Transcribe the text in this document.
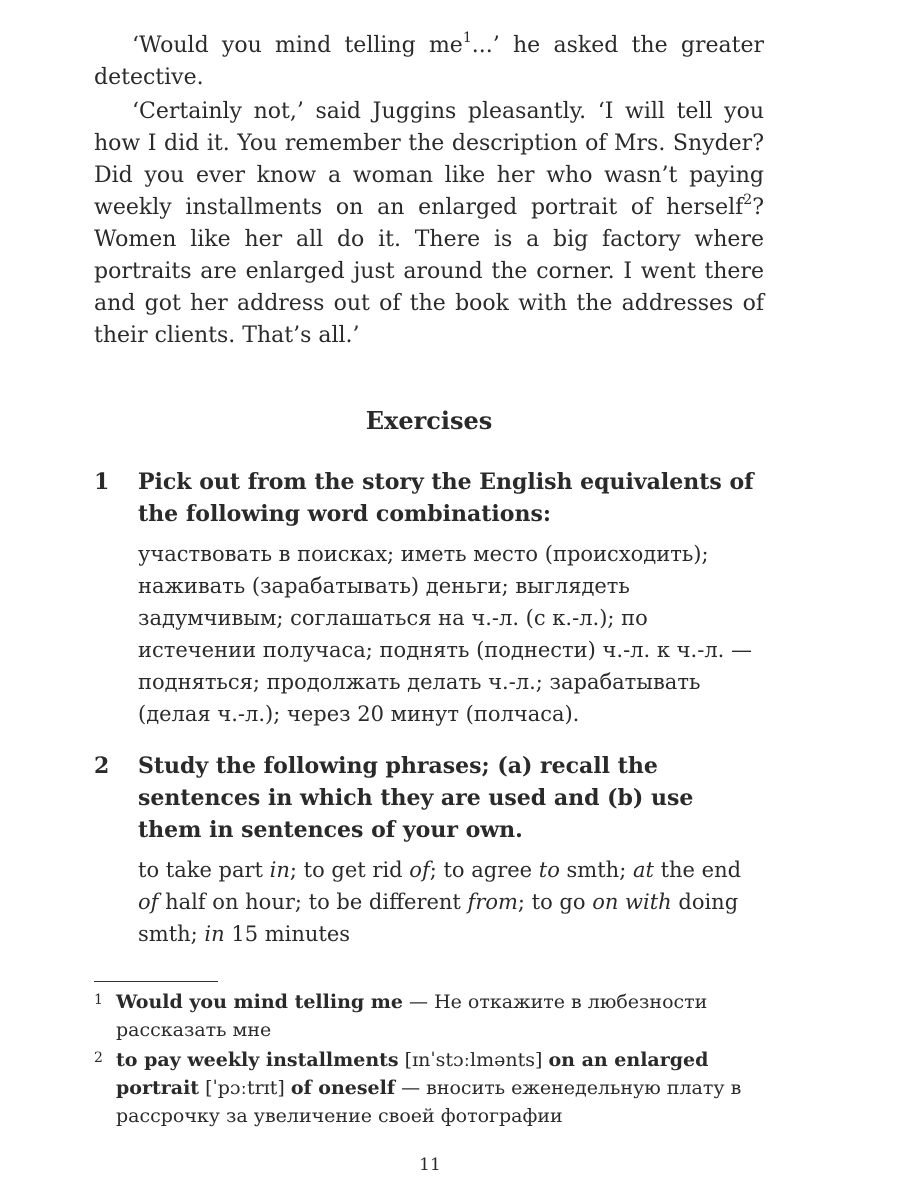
‘Would you mind telling $me^1$...’ he asked the greater detective.

‘Certainly not,’ said Juggins pleasantly. ‘I will tell you how I did it. You remember the description of Mrs. Snyder? Did you ever know a woman like her who wasn’t paying weekly installments on an enlarged portrait of herself$^2$? Women like her all do it. There is a big factory where portraits are enlarged just around the corner. I went there and got her address out of the book with the addresses of their clients. That’s all.’

Exercises
1 Pick out from the story the English equivalents of the following word combinations:

участвовать в поисках; иметь место (происходить); наживать (зарабатывать) деньги; выглядеть задумчивым; соглашаться на ч.-л. (с к.-л.); по истечении получаса; поднять (поднести) ч.-л. к ч.-л. — подняться; продолжать делать ч.-л.; зарабатывать (делая ч.-л.); через 20 минут (полчаса).

2 Study the following phrases; (a) recall the sentences in which they are used and (b) use them in sentences of your own.

to take part in; to get rid of; to agree to smth; at the end of half on hour; to be different from; to go on with doing smth; in 15 minutes

1 Would you mind telling me — Не откажите в любезности рассказать мне

2 to pay weekly installments [ɪnˈstɔːlmənts] on an enlarged portrait [ˈpɔːtrɪt] of oneself — вносить еженедельную плату в рассрочку за увеличение своей фотографии

11
